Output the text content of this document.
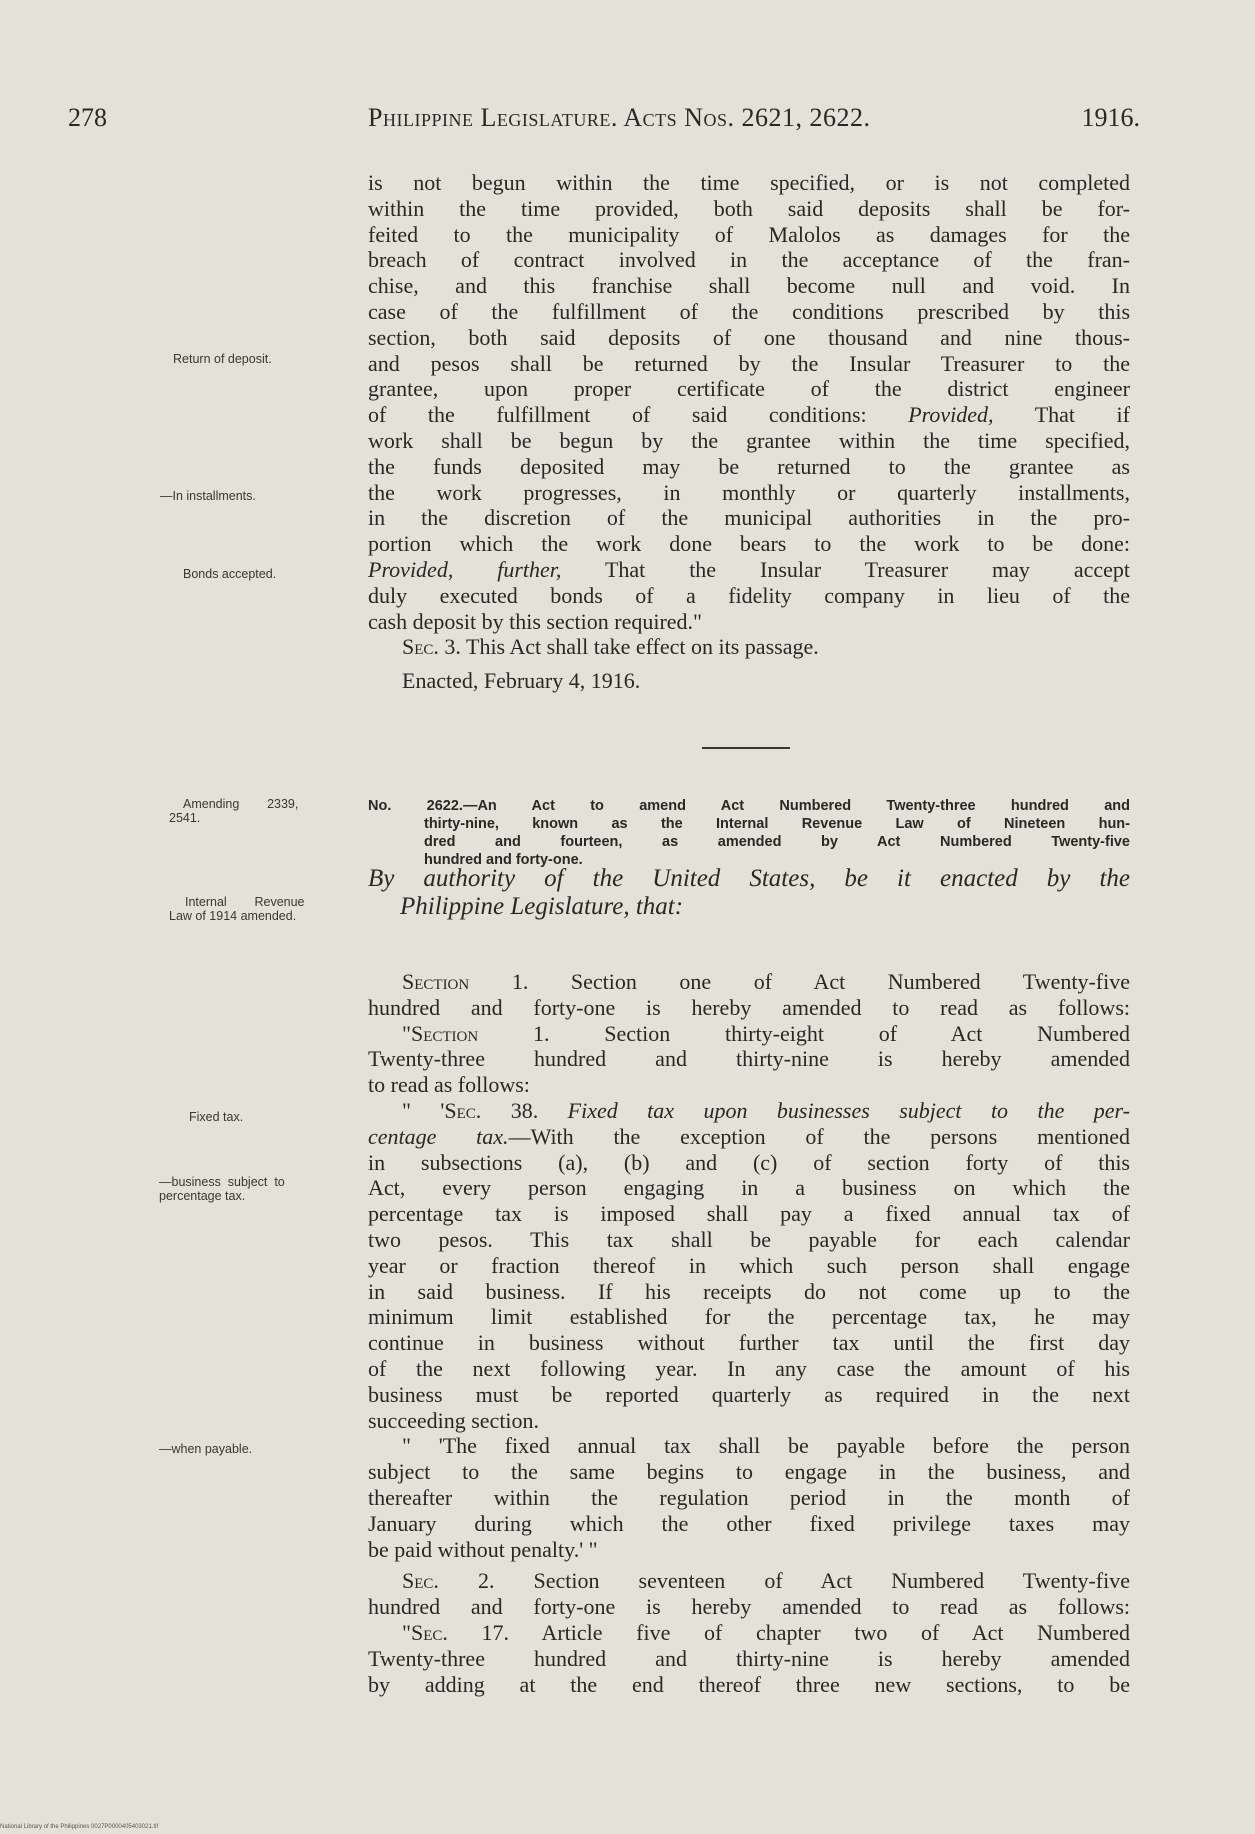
278	Philippine Legislature. Acts Nos. 2621, 2622.	1916.
Return of deposit.
—In installments.
Bonds accepted.
Amending        2339,
2541.
Internal        Revenue
Law of 1914 amended.
Fixed tax.
—business  subject  to
percentage tax.
—when payable.
is not begun within the time specified, or is not completed
within the time provided, both said deposits shall be for-
feited to the municipality of Malolos as damages for the
breach of contract involved in the acceptance of the fran-
chise, and this franchise shall become null and void. In
case of the fulfillment of the conditions prescribed by this
section, both said deposits of one thousand and nine thous-
and pesos shall be returned by the Insular Treasurer to the
grantee, upon proper certificate of the district engineer
of the fulfillment of said conditions: Provided, That if
work shall be begun by the grantee within the time specified,
the funds deposited may be returned to the grantee as
the work progresses, in monthly or quarterly installments,
in the discretion of the municipal authorities in the pro-
portion which the work done bears to the work to be done:
Provided, further, That the Insular Treasurer may accept
duly executed bonds of a fidelity company in lieu of the
cash deposit by this section required."
Sec. 3. This Act shall take effect on its passage.
Enacted, February 4, 1916.
No. 2622.—An Act to amend Act Numbered Twenty-three hundred and
thirty-nine, known as the Internal Revenue Law of Nineteen hun-
dred and fourteen, as amended by Act Numbered Twenty-five
hundred and forty-one.
By authority of the United States, be it enacted by the
Philippine Legislature, that:
Section 1. Section one of Act Numbered Twenty-five
hundred and forty-one is hereby amended to read as follows:
"Section 1. Section thirty-eight of Act Numbered
Twenty-three hundred and thirty-nine is hereby amended
to read as follows:
" 'Sec. 38. Fixed tax upon businesses subject to the per-
centage tax.—With the exception of the persons mentioned
in subsections (a), (b) and (c) of section forty of this
Act, every person engaging in a business on which the
percentage tax is imposed shall pay a fixed annual tax of
two pesos. This tax shall be payable for each calendar
year or fraction thereof in which such person shall engage
in said business. If his receipts do not come up to the
minimum limit established for the percentage tax, he may
continue in business without further tax until the first day
of the next following year. In any case the amount of his
business must be reported quarterly as required in the next
succeeding section.
" 'The fixed annual tax shall be payable before the person
subject to the same begins to engage in the business, and
thereafter within the regulation period in the month of
January during which the other fixed privilege taxes may
be paid without penalty.' "
Sec. 2. Section seventeen of Act Numbered Twenty-five
hundred and forty-one is hereby amended to read as follows:
"Sec. 17. Article five of chapter two of Act Numbered
Twenty-three hundred and thirty-nine is hereby amended
by adding at the end thereof three new sections, to be
National Library of the Philippines 0027P0000405403021.tif
